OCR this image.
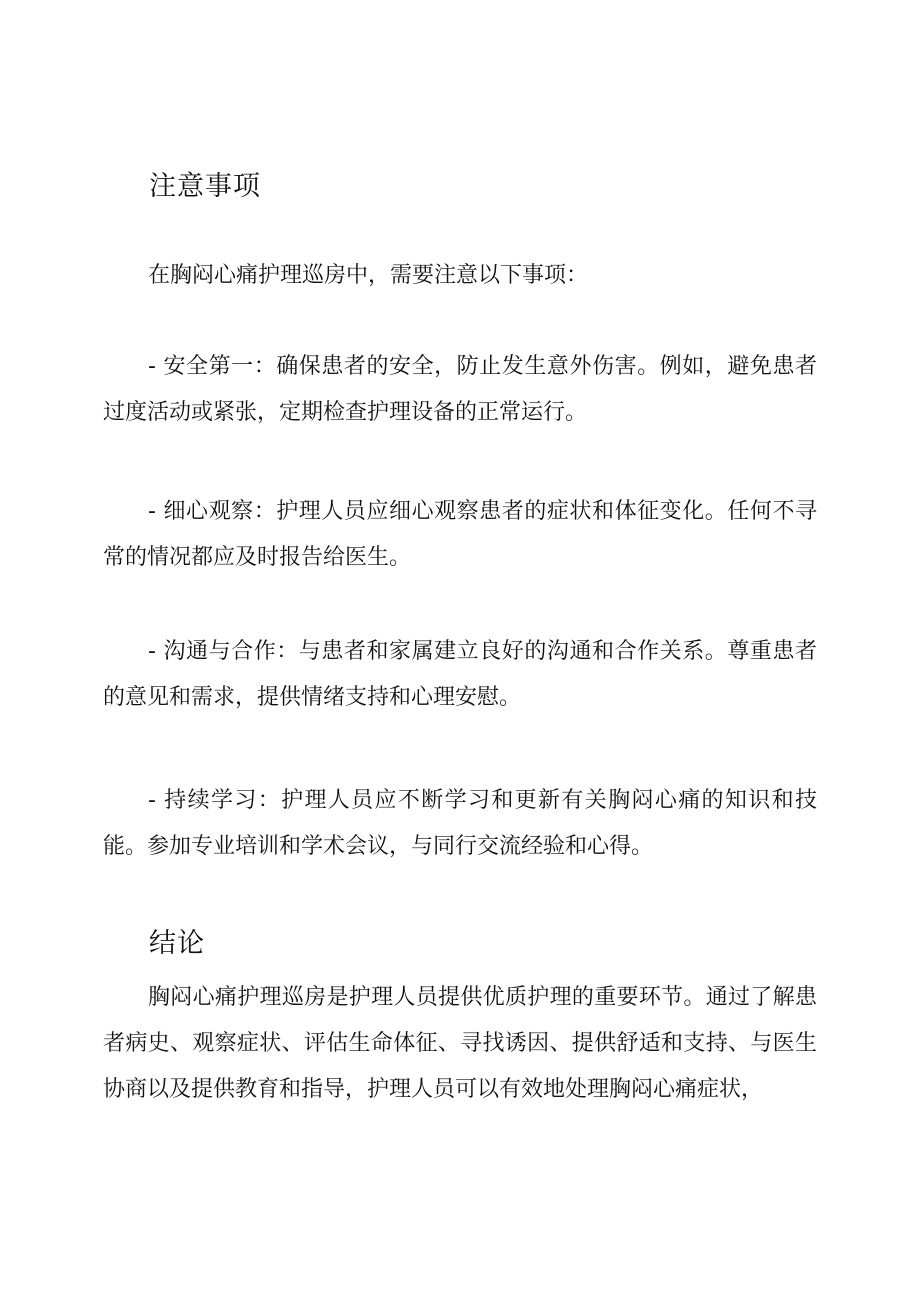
注意事项

在胸闷心痛护理巡房中，需要注意以下事项：

- 安全第一：确保患者的安全，防止发生意外伤害。例如，避免患者过度活动或紧张，定期检查护理设备的正常运行。

- 细心观察：护理人员应细心观察患者的症状和体征变化。任何不寻常的情况都应及时报告给医生。

- 沟通与合作：与患者和家属建立良好的沟通和合作关系。尊重患者的意见和需求，提供情绪支持和心理安慰。

- 持续学习：护理人员应不断学习和更新有关胸闷心痛的知识和技能。参加专业培训和学术会议，与同行交流经验和心得。

结论

胸闷心痛护理巡房是护理人员提供优质护理的重要环节。通过了解患者病史、观察症状、评估生命体征、寻找诱因、提供舒适和支持、与医生协商以及提供教育和指导，护理人员可以有效地处理胸闷心痛症状，
